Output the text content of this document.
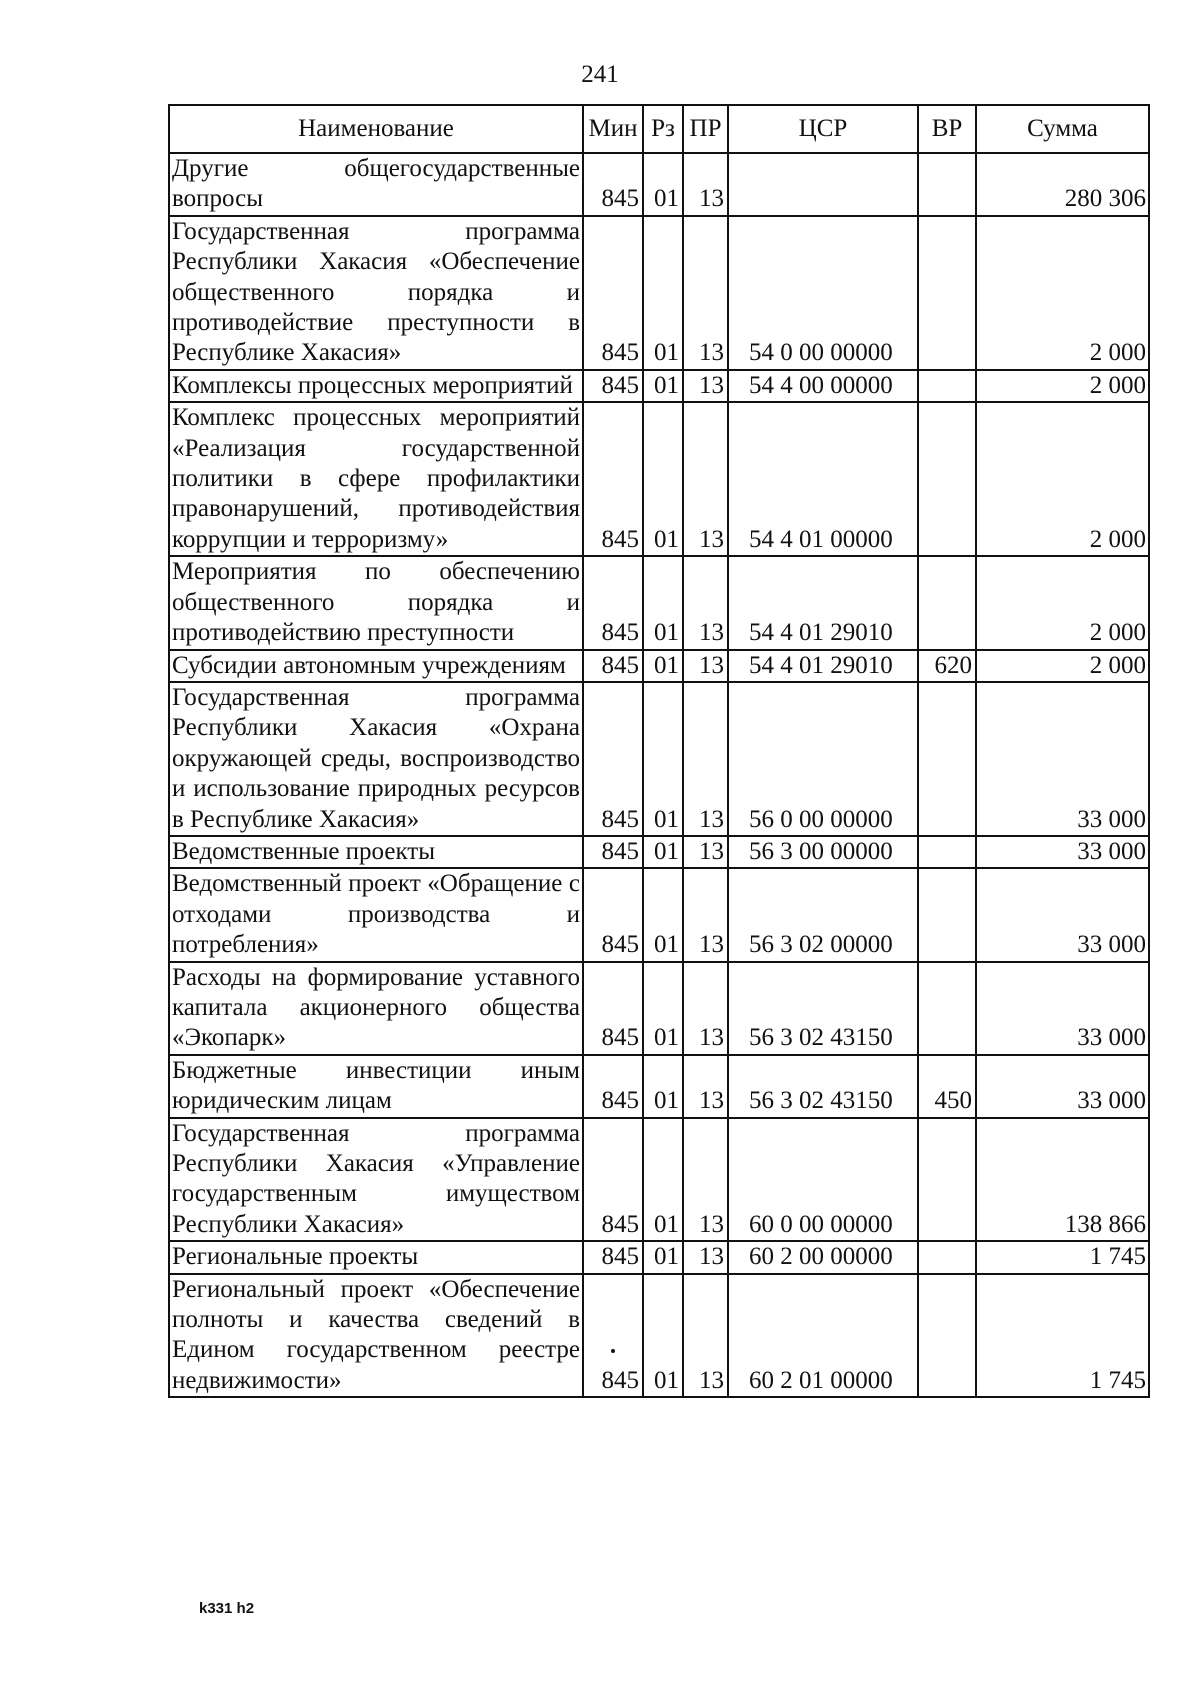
241
Наименование	Мин	Рз	ПР	ЦСР	ВР	Сумма
Другие общегосударственные вопросы	845	01	13			280 306
Государственная программа Республики Хакасия «Обеспечение общественного порядка и противодействие преступности в Республике Хакасия»	845	01	13	54 0 00 00000		2 000
Комплексы процессных мероприятий	845	01	13	54 4 00 00000		2 000
Комплекс процессных мероприятий «Реализация государственной политики в сфере профилактики правонарушений, противодействия коррупции и терроризму»	845	01	13	54 4 01 00000		2 000
Мероприятия по обеспечению общественного порядка и противодействию преступности	845	01	13	54 4 01 29010		2 000
Субсидии автономным учреждениям	845	01	13	54 4 01 29010	620	2 000
Государственная программа Республики Хакасия «Охрана окружающей среды, воспроизводство и использование природных ресурсов в Республике Хакасия»	845	01	13	56 0 00 00000		33 000
Ведомственные проекты	845	01	13	56 3 00 00000		33 000
Ведомственный проект «Обращение с отходами производства и потребления»	845	01	13	56 3 02 00000		33 000
Расходы на формирование уставного капитала акционерного общества «Экопарк»	845	01	13	56 3 02 43150		33 000
Бюджетные инвестиции иным юридическим лицам	845	01	13	56 3 02 43150	450	33 000
Государственная программа Республики Хакасия «Управление государственным имуществом Республики Хакасия»	845	01	13	60 0 00 00000		138 866
Региональные проекты	845	01	13	60 2 00 00000		1 745
Региональный проект «Обеспечение полноты и качества сведений в Едином государственном реестре недвижимости»	845	01	13	60 2 01 00000		1 745
k331 h2
